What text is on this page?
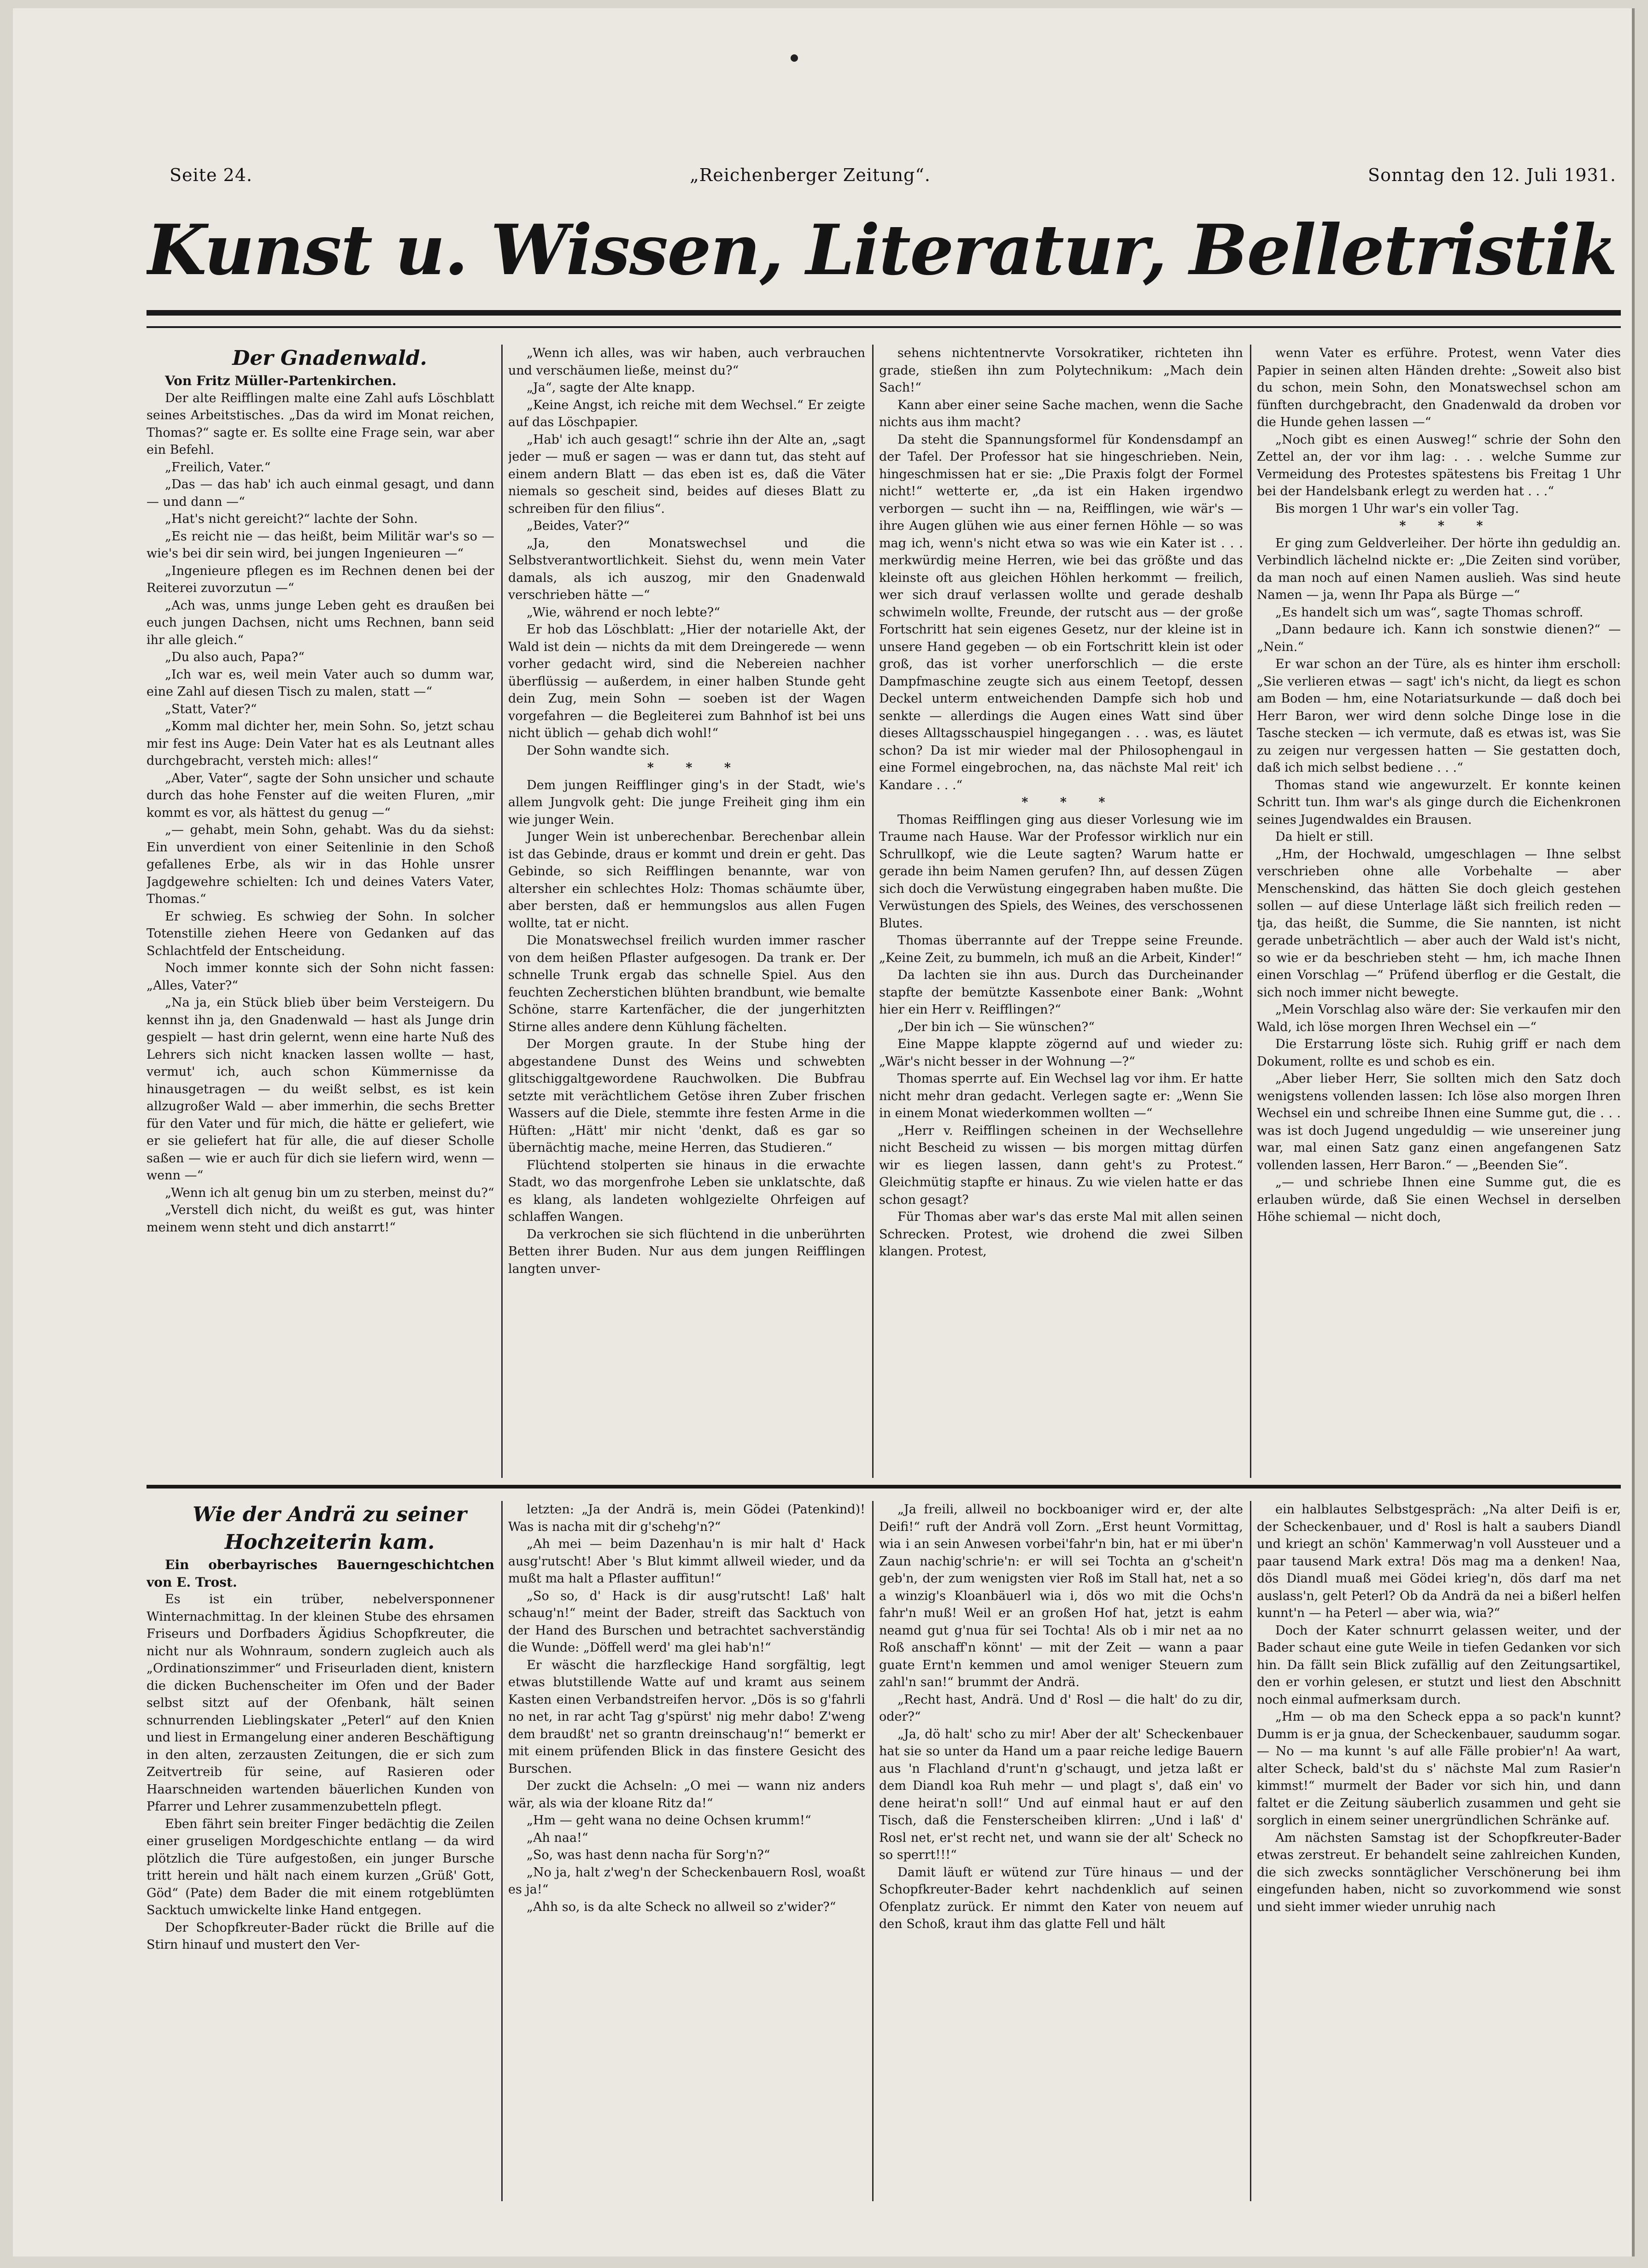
Seite 24.	„Reichenberger Zeitung“.	Sonntag den 12. Juli 1931.
Kunst u. Wissen, Literatur, Belletristik

Der Gnadenwald.

Von Fritz Müller-Partenkirchen.

Der alte Reifflingen malte eine Zahl aufs Löschblatt seines Arbeitstisches. „Das da wird im Monat reichen, Thomas?“ sagte er. Es sollte eine Frage sein, war aber ein Befehl.

„Freilich, Vater.“

„Das — das hab' ich auch einmal gesagt, und dann — und dann —“

„Hat's nicht gereicht?“ lachte der Sohn.

„Es reicht nie — das heißt, beim Militär war's so — wie's bei dir sein wird, bei jungen Ingenieuren —“

„Ingenieure pflegen es im Rechnen denen bei der Reiterei zuvorzutun —“

„Ach was, unms junge Leben geht es draußen bei euch jungen Dachsen, nicht ums Rechnen, bann seid ihr alle gleich.“

„Du also auch, Papa?“

„Ich war es, weil mein Vater auch so dumm war, eine Zahl auf diesen Tisch zu malen, statt —“

„Statt, Vater?“

„Komm mal dichter her, mein Sohn. So, jetzt schau mir fest ins Auge: Dein Vater hat es als Leutnant alles durchgebracht, versteh mich: alles!“

„Aber, Vater“, sagte der Sohn unsicher und schaute durch das hohe Fenster auf die weiten Fluren, „mir kommt es vor, als hättest du genug —“

„— gehabt, mein Sohn, gehabt. Was du da siehst: Ein unverdient von einer Seitenlinie in den Schoß gefallenes Erbe, als wir in das Hohle unsrer Jagdgewehre schielten: Ich und deines Vaters Vater, Thomas.“

Er schwieg. Es schwieg der Sohn. In solcher Totenstille ziehen Heere von Gedanken auf das Schlachtfeld der Entscheidung.

Noch immer konnte sich der Sohn nicht fassen: „Alles, Vater?“

„Na ja, ein Stück blieb über beim Versteigern. Du kennst ihn ja, den Gnadenwald — hast als Junge drin gespielt — hast drin gelernt, wenn eine harte Nuß des Lehrers sich nicht knacken lassen wollte — hast, vermut' ich, auch schon Kümmernisse da hinausgetragen — du weißt selbst, es ist kein allzugroßer Wald — aber immerhin, die sechs Bretter für den Vater und für mich, die hätte er geliefert, wie er sie geliefert hat für alle, die auf dieser Scholle saßen — wie er auch für dich sie liefern wird, wenn — wenn —“

„Wenn ich alt genug bin um zu sterben, meinst du?“

„Verstell dich nicht, du weißt es gut, was hinter meinem wenn steht und dich anstarrt!“

„Wenn ich alles, was wir haben, auch verbrauchen und verschäumen ließe, meinst du?“

„Ja“, sagte der Alte knapp.

„Keine Angst, ich reiche mit dem Wechsel.“ Er zeigte auf das Löschpapier.

„Hab' ich auch gesagt!“ schrie ihn der Alte an, „sagt jeder — muß er sagen — was er dann tut, das steht auf einem andern Blatt — das eben ist es, daß die Väter niemals so gescheit sind, beides auf dieses Blatt zu schreiben für den filius“.

„Beides, Vater?“

„Ja, den Monatswechsel und die Selbstverantwortlichkeit. Siehst du, wenn mein Vater damals, als ich auszog, mir den Gnadenwald verschrieben hätte —“

„Wie, während er noch lebte?“

Er hob das Löschblatt: „Hier der notarielle Akt, der Wald ist dein — nichts da mit dem Dreingerede — wenn vorher gedacht wird, sind die Nebereien nachher überflüssig — außerdem, in einer halben Stunde geht dein Zug, mein Sohn — soeben ist der Wagen vorgefahren — die Begleiterei zum Bahnhof ist bei uns nicht üblich — gehab dich wohl!“

Der Sohn wandte sich.

* * *

Dem jungen Reifflinger ging's in der Stadt, wie's allem Jungvolk geht: Die junge Freiheit ging ihm ein wie junger Wein.

Junger Wein ist unberechenbar. Berechenbar allein ist das Gebinde, draus er kommt und drein er geht. Das Gebinde, so sich Reifflingen benannte, war von altersher ein schlechtes Holz: Thomas schäumte über, aber bersten, daß er hemmungslos aus allen Fugen wollte, tat er nicht.

Die Monatswechsel freilich wurden immer rascher von dem heißen Pflaster aufgesogen. Da trank er. Der schnelle Trunk ergab das schnelle Spiel. Aus den feuchten Zecherstichen blühten brandbunt, wie bemalte Schöne, starre Kartenfächer, die der jungerhitzten Stirne alles andere denn Kühlung fächelten.

Der Morgen graute. In der Stube hing der abgestandene Dunst des Weins und schwebten glitschiggaltgewordene Rauchwolken. Die Bubfrau setzte mit verächtlichem Getöse ihren Zuber frischen Wassers auf die Diele, stemmte ihre festen Arme in die Hüften: „Hätt' mir nicht 'denkt, daß es gar so übernächtig mache, meine Herren, das Studieren.“

Flüchtend stolperten sie hinaus in die erwachte Stadt, wo das morgenfrohe Leben sie unklatschte, daß es klang, als landeten wohlgezielte Ohrfeigen auf schlaffen Wangen.

Da verkrochen sie sich flüchtend in die unberührten Betten ihrer Buden. Nur aus dem jungen Reifflingen langten unver-

sehens nichtentnervte Vorsokratiker, richteten ihn grade, stießen ihn zum Polytechnikum: „Mach dein Sach!“

Kann aber einer seine Sache machen, wenn die Sache nichts aus ihm macht?

Da steht die Spannungsformel für Kondensdampf an der Tafel. Der Professor hat sie hingeschrieben. Nein, hingeschmissen hat er sie: „Die Praxis folgt der Formel nicht!“ wetterte er, „da ist ein Haken irgendwo verborgen — sucht ihn — na, Reifflingen, wie wär's — ihre Augen glühen wie aus einer fernen Höhle — so was mag ich, wenn's nicht etwa so was wie ein Kater ist . . . merkwürdig meine Herren, wie bei das größte und das kleinste oft aus gleichen Höhlen herkommt — freilich, wer sich drauf verlassen wollte und gerade deshalb schwimeln wollte, Freunde, der rutscht aus — der große Fortschritt hat sein eigenes Gesetz, nur der kleine ist in unsere Hand gegeben — ob ein Fortschritt klein ist oder groß, das ist vorher unerforschlich — die erste Dampfmaschine zeugte sich aus einem Teetopf, dessen Deckel unterm entweichenden Dampfe sich hob und senkte — allerdings die Augen eines Watt sind über dieses Alltagsschauspiel hingegangen . . . was, es läutet schon? Da ist mir wieder mal der Philosophengaul in eine Formel eingebrochen, na, das nächste Mal reit' ich Kandare . . .“

* * *

Thomas Reifflingen ging aus dieser Vorlesung wie im Traume nach Hause. War der Professor wirklich nur ein Schrullkopf, wie die Leute sagten? Warum hatte er gerade ihn beim Namen gerufen? Ihn, auf dessen Zügen sich doch die Verwüstung eingegraben haben mußte. Die Verwüstungen des Spiels, des Weines, des verschossenen Blutes.

Thomas überrannte auf der Treppe seine Freunde. „Keine Zeit, zu bummeln, ich muß an die Arbeit, Kinder!“

Da lachten sie ihn aus. Durch das Durcheinander stapfte der bemützte Kassenbote einer Bank: „Wohnt hier ein Herr v. Reifflingen?“

„Der bin ich — Sie wünschen?“

Eine Mappe klappte zögernd auf und wieder zu: „Wär's nicht besser in der Wohnung —?“

Thomas sperrte auf. Ein Wechsel lag vor ihm. Er hatte nicht mehr dran gedacht. Verlegen sagte er: „Wenn Sie in einem Monat wiederkommen wollten —“

„Herr v. Reifflingen scheinen in der Wechsellehre nicht Bescheid zu wissen — bis morgen mittag dürfen wir es liegen lassen, dann geht's zu Protest.“ Gleichmütig stapfte er hinaus. Zu wie vielen hatte er das schon gesagt?

Für Thomas aber war's das erste Mal mit allen seinen Schrecken. Protest, wie drohend die zwei Silben klangen. Protest,

wenn Vater es erführe. Protest, wenn Vater dies Papier in seinen alten Händen drehte: „Soweit also bist du schon, mein Sohn, den Monatswechsel schon am fünften durchgebracht, den Gnadenwald da droben vor die Hunde gehen lassen —“

„Noch gibt es einen Ausweg!“ schrie der Sohn den Zettel an, der vor ihm lag: . . . welche Summe zur Vermeidung des Protestes spätestens bis Freitag 1 Uhr bei der Handelsbank erlegt zu werden hat . . .“

Bis morgen 1 Uhr war's ein voller Tag.

* * *

Er ging zum Geldverleiher. Der hörte ihn geduldig an. Verbindlich lächelnd nickte er: „Die Zeiten sind vorüber, da man noch auf einen Namen auslieh. Was sind heute Namen — ja, wenn Ihr Papa als Bürge —“

„Es handelt sich um was“, sagte Thomas schroff.

„Dann bedaure ich. Kann ich sonstwie dienen?“ — „Nein.“

Er war schon an der Türe, als es hinter ihm erscholl: „Sie verlieren etwas — sagt' ich's nicht, da liegt es schon am Boden — hm, eine Notariatsurkunde — daß doch bei Herr Baron, wer wird denn solche Dinge lose in die Tasche stecken — ich vermute, daß es etwas ist, was Sie zu zeigen nur vergessen hatten — Sie gestatten doch, daß ich mich selbst bediene . . .“

Thomas stand wie angewurzelt. Er konnte keinen Schritt tun. Ihm war's als ginge durch die Eichenkronen seines Jugendwaldes ein Brausen.

Da hielt er still.

„Hm, der Hochwald, umgeschlagen — Ihne selbst verschrieben ohne alle Vorbehalte — aber Menschenskind, das hätten Sie doch gleich gestehen sollen — auf diese Unterlage läßt sich freilich reden — tja, das heißt, die Summe, die Sie nannten, ist nicht gerade unbeträchtlich — aber auch der Wald ist's nicht, so wie er da beschrieben steht — hm, ich mache Ihnen einen Vorschlag —“ Prüfend überflog er die Gestalt, die sich noch immer nicht bewegte.

„Mein Vorschlag also wäre der: Sie verkaufen mir den Wald, ich löse morgen Ihren Wechsel ein —“

Die Erstarrung löste sich. Ruhig griff er nach dem Dokument, rollte es und schob es ein.

„Aber lieber Herr, Sie sollten mich den Satz doch wenigstens vollenden lassen: Ich löse also morgen Ihren Wechsel ein und schreibe Ihnen eine Summe gut, die . . . was ist doch Jugend ungeduldig — wie unsereiner jung war, mal einen Satz ganz einen angefangenen Satz vollenden lassen, Herr Baron.“ — „Beenden Sie“.

„— und schriebe Ihnen eine Summe gut, die es erlauben würde, daß Sie einen Wechsel in derselben Höhe schiemal — nicht doch,

Wie der Andrä zu seiner

Hochzeiterin kam.

Ein oberbayrisches Bauerngeschichtchen von E. Trost.

Es ist ein trüber, nebelversponnener Winternachmittag. In der kleinen Stube des ehrsamen Friseurs und Dorfbaders Ägidius Schopfkreuter, die nicht nur als Wohnraum, sondern zugleich auch als „Ordinationszimmer“ und Friseurladen dient, knistern die dicken Buchenscheiter im Ofen und der Bader selbst sitzt auf der Ofenbank, hält seinen schnurrenden Lieblingskater „Peterl“ auf den Knien und liest in Ermangelung einer anderen Beschäftigung in den alten, zerzausten Zeitungen, die er sich zum Zeitvertreib für seine, auf Rasieren oder Haarschneiden wartenden bäuerlichen Kunden von Pfarrer und Lehrer zusammenzubetteln pflegt.

Eben fährt sein breiter Finger bedächtig die Zeilen einer gruseligen Mordgeschichte entlang — da wird plötzlich die Türe aufgestoßen, ein junger Bursche tritt herein und hält nach einem kurzen „Grüß' Gott, Göd“ (Pate) dem Bader die mit einem rotgeblümten Sacktuch umwickelte linke Hand entgegen.

Der Schopfkreuter-Bader rückt die Brille auf die Stirn hinauf und mustert den Ver-

letzten: „Ja der Andrä is, mein Gödei (Patenkind)! Was is nacha mit dir g'schehg'n?“

„Ah mei — beim Dazenhau'n is mir halt d' Hack ausg'rutscht! Aber 's Blut kimmt allweil wieder, und da mußt ma halt a Pflaster auffitun!“

„So so, d' Hack is dir ausg'rutscht! Laß' halt schaug'n!“ meint der Bader, streift das Sacktuch von der Hand des Burschen und betrachtet sachverständig die Wunde: „Döffell werd' ma glei hab'n!“

Er wäscht die harzfleckige Hand sorgfältig, legt etwas blutstillende Watte auf und kramt aus seinem Kasten einen Verbandstreifen hervor. „Dös is so g'fahrli no net, in rar acht Tag g'spürst' nig mehr dabo! Z'weng dem braudßt' net so grantn dreinschaug'n!“ bemerkt er mit einem prüfenden Blick in das finstere Gesicht des Burschen.

Der zuckt die Achseln: „O mei — wann niz anders wär, als wia der kloane Ritz da!“

„Hm — geht wana no deine Ochsen krumm!“

„Ah naa!“

„So, was hast denn nacha für Sorg'n?“

„No ja, halt z'weg'n der Scheckenbauern Rosl, woaßt es ja!“

„Ahh so, is da alte Scheck no allweil so z'wider?“

„Ja freili, allweil no bockboaniger wird er, der alte Deifi!“ ruft der Andrä voll Zorn. „Erst heunt Vormittag, wia i an sein Anwesen vorbei'fahr'n bin, hat er mi über'n Zaun nachig'schrie'n: er will sei Tochta an g'scheit'n geb'n, der zum wenigsten vier Roß im Stall hat, net a so a winzig's Kloanbäuerl wia i, dös wo mit die Ochs'n fahr'n muß! Weil er an großen Hof hat, jetzt is eahm neamd gut g'nua für sei Tochta! Als ob i mir net aa no Roß anschaff'n könnt' — mit der Zeit — wann a paar guate Ernt'n kemmen und amol weniger Steuern zum zahl'n san!“ brummt der Andrä.

„Recht hast, Andrä. Und d' Rosl — die halt' do zu dir, oder?“

„Ja, dö halt' scho zu mir! Aber der alt' Scheckenbauer hat sie so unter da Hand um a paar reiche ledige Bauern aus 'n Flachland d'runt'n g'schaugt, und jetza laßt er dem Diandl koa Ruh mehr — und plagt s', daß ein' vo dene heirat'n soll!“ Und auf einmal haut er auf den Tisch, daß die Fensterscheiben klirren: „Und i laß' d' Rosl net, er'st recht net, und wann sie der alt' Scheck no so sperrt!!!“

Damit läuft er wütend zur Türe hinaus — und der Schopfkreuter-Bader kehrt nachdenklich auf seinen Ofenplatz zurück. Er nimmt den Kater von neuem auf den Schoß, kraut ihm das glatte Fell und hält

ein halblautes Selbstgespräch: „Na alter Deifi is er, der Scheckenbauer, und d' Rosl is halt a saubers Diandl und kriegt an schön' Kammerwag'n voll Aussteuer und a paar tausend Mark extra! Dös mag ma a denken! Naa, dös Diandl muaß mei Gödei krieg'n, dös darf ma net auslass'n, gelt Peterl? Ob da Andrä da nei a bißerl helfen kunnt'n — ha Peterl — aber wia, wia?“

Doch der Kater schnurrt gelassen weiter, und der Bader schaut eine gute Weile in tiefen Gedanken vor sich hin. Da fällt sein Blick zufällig auf den Zeitungsartikel, den er vorhin gelesen, er stutzt und liest den Abschnitt noch einmal aufmerksam durch.

„Hm — ob ma den Scheck eppa a so pack'n kunnt? Dumm is er ja gnua, der Scheckenbauer, saudumm sogar. — No — ma kunnt 's auf alle Fälle probier'n! Aa wart, alter Scheck, bald'st du s' nächste Mal zum Rasier'n kimmst!“ murmelt der Bader vor sich hin, und dann faltet er die Zeitung säuberlich zusammen und geht sie sorglich in einem seiner unergründlichen Schränke auf.

Am nächsten Samstag ist der Schopfkreuter-Bader etwas zerstreut. Er behandelt seine zahlreichen Kunden, die sich zwecks sonntäglicher Verschönerung bei ihm eingefunden haben, nicht so zuvorkommend wie sonst und sieht immer wieder unruhig nach
